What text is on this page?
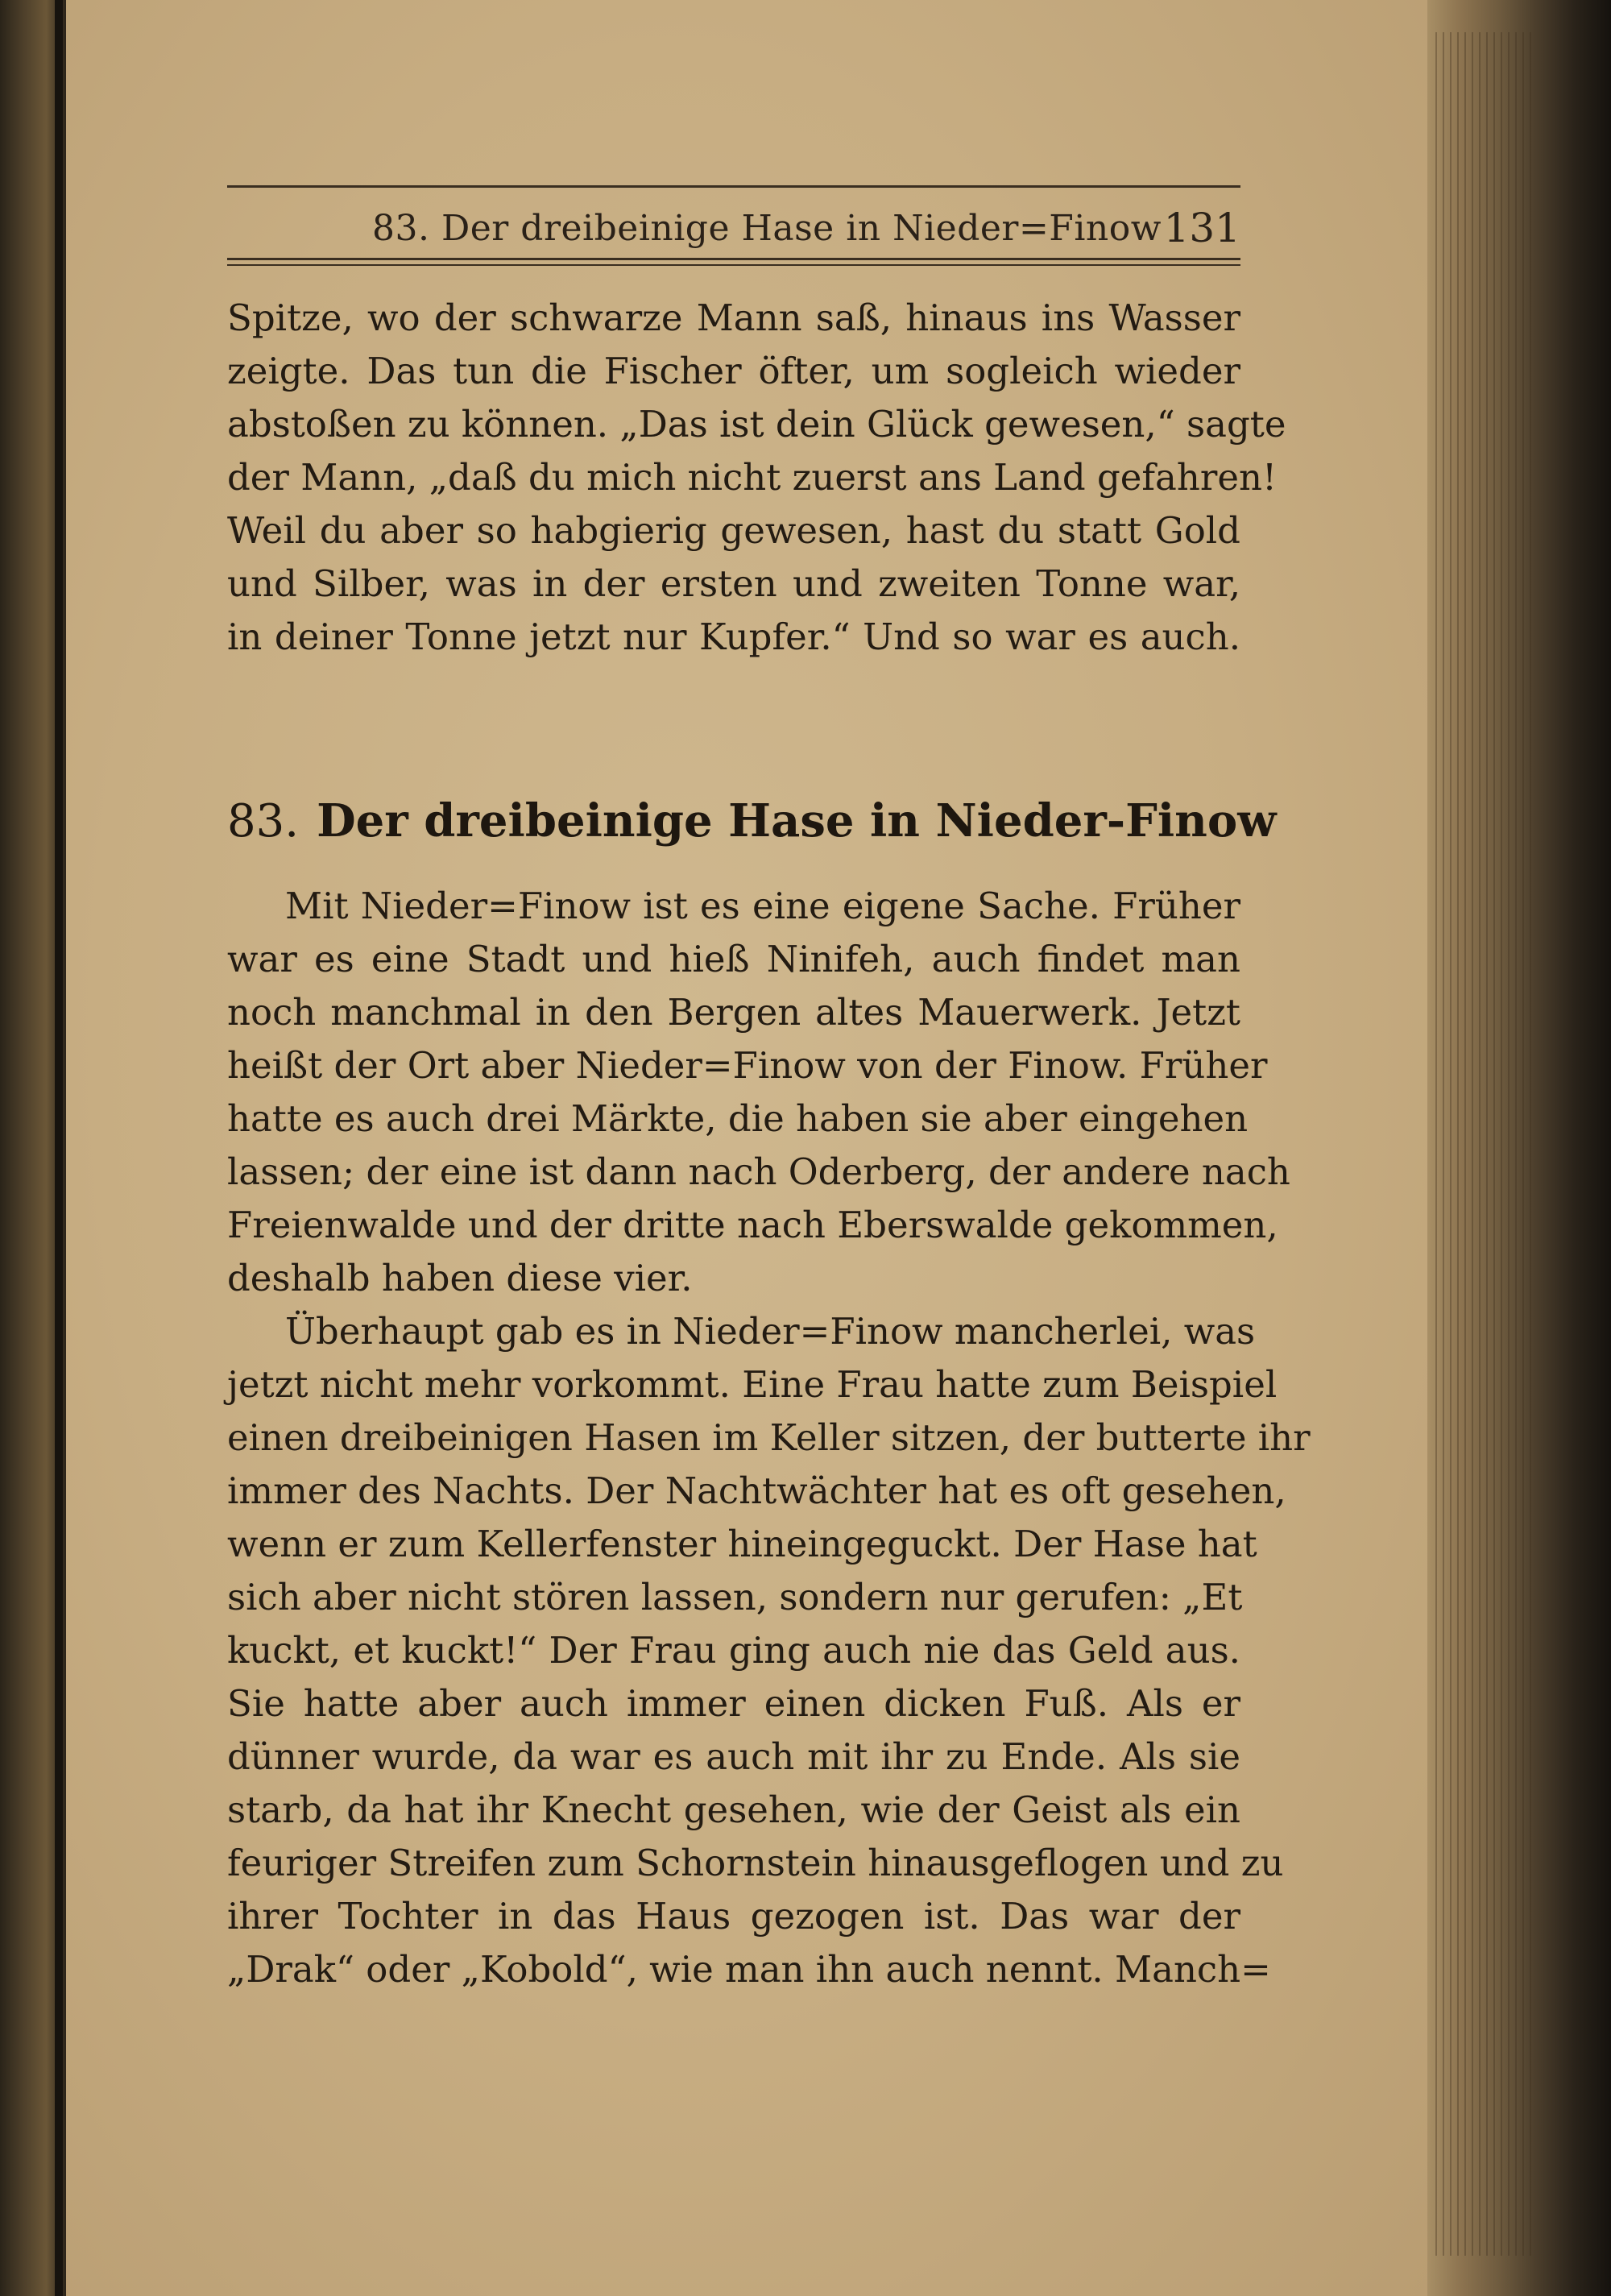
83. Der dreibeinige Hase in Nieder=Finow 131
Spitze, wo der schwarze Mann saß, hinaus ins Wasser
zeigte. Das tun die Fischer öfter, um sogleich wieder
abstoßen zu können. „Das ist dein Glück gewesen,“ sagte
der Mann, „daß du mich nicht zuerst ans Land gefahren!
Weil du aber so habgierig gewesen, hast du statt Gold
und Silber, was in der ersten und zweiten Tonne war,
in deiner Tonne jetzt nur Kupfer.“ Und so war es auch.
83. Der dreibeinige Hase in Nieder-Finow
Mit Nieder=Finow ist es eine eigene Sache. Früher
war es eine Stadt und hieß Ninifeh, auch findet man
noch manchmal in den Bergen altes Mauerwerk. Jetzt
heißt der Ort aber Nieder=Finow von der Finow. Früher
hatte es auch drei Märkte, die haben sie aber eingehen
lassen; der eine ist dann nach Oderberg, der andere nach
Freienwalde und der dritte nach Eberswalde gekommen,
deshalb haben diese vier.
Überhaupt gab es in Nieder=Finow mancherlei, was
jetzt nicht mehr vorkommt. Eine Frau hatte zum Beispiel
einen dreibeinigen Hasen im Keller sitzen, der butterte ihr
immer des Nachts. Der Nachtwächter hat es oft gesehen,
wenn er zum Kellerfenster hineingeguckt. Der Hase hat
sich aber nicht stören lassen, sondern nur gerufen: „Et
kuckt, et kuckt!“ Der Frau ging auch nie das Geld aus.
Sie hatte aber auch immer einen dicken Fuß. Als er
dünner wurde, da war es auch mit ihr zu Ende. Als sie
starb, da hat ihr Knecht gesehen, wie der Geist als ein
feuriger Streifen zum Schornstein hinausgeflogen und zu
ihrer Tochter in das Haus gezogen ist. Das war der
„Drak“ oder „Kobold“, wie man ihn auch nennt. Manch=
